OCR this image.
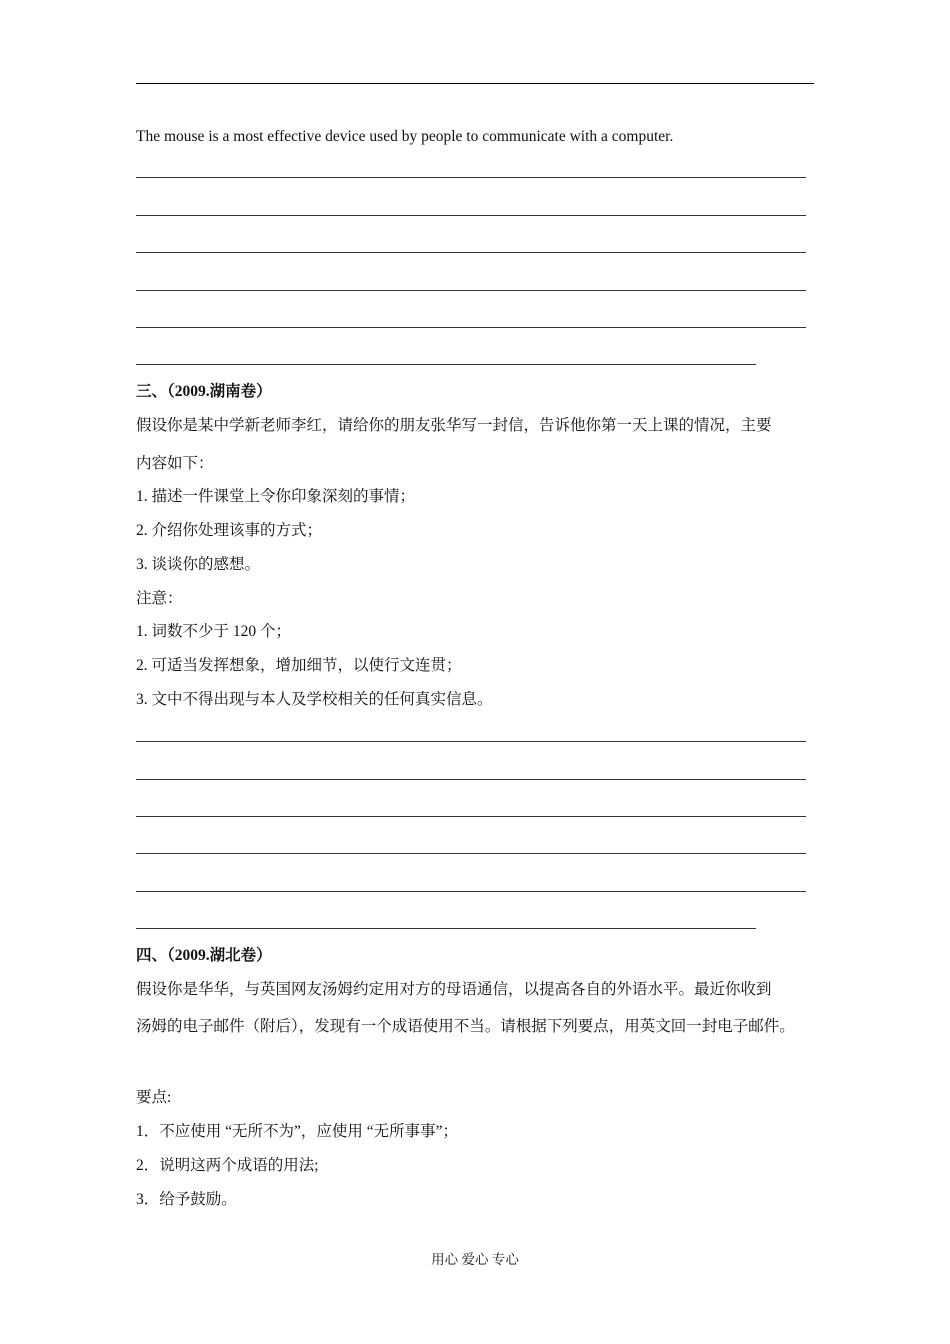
The mouse is a most effective device used by people to communicate with a computer.
三、（2009.湖南卷）
假设你是某中学新老师李红，请给你的朋友张华写一封信，告诉他你第一天上课的情况，主要
内容如下：
1. 描述一件课堂上令你印象深刻的事情；
2. 介绍你处理该事的方式；
3. 谈谈你的感想。
注意：
1. 词数不少于 120 个；
2. 可适当发挥想象，增加细节，以使行文连贯；
3. 文中不得出现与本人及学校相关的任何真实信息。
四、（2009.湖北卷）
假设你是华华，与英国网友汤姆约定用对方的母语通信，以提高各自的外语水平。最近你收到
汤姆的电子邮件（附后），发现有一个成语使用不当。请根据下列要点，用英文回一封电子邮件。
要点:
1．不应使用 “无所不为”，应使用 “无所事事”；
2．说明这两个成语的用法;
3．给予鼓励。
用心 爱心 专心
